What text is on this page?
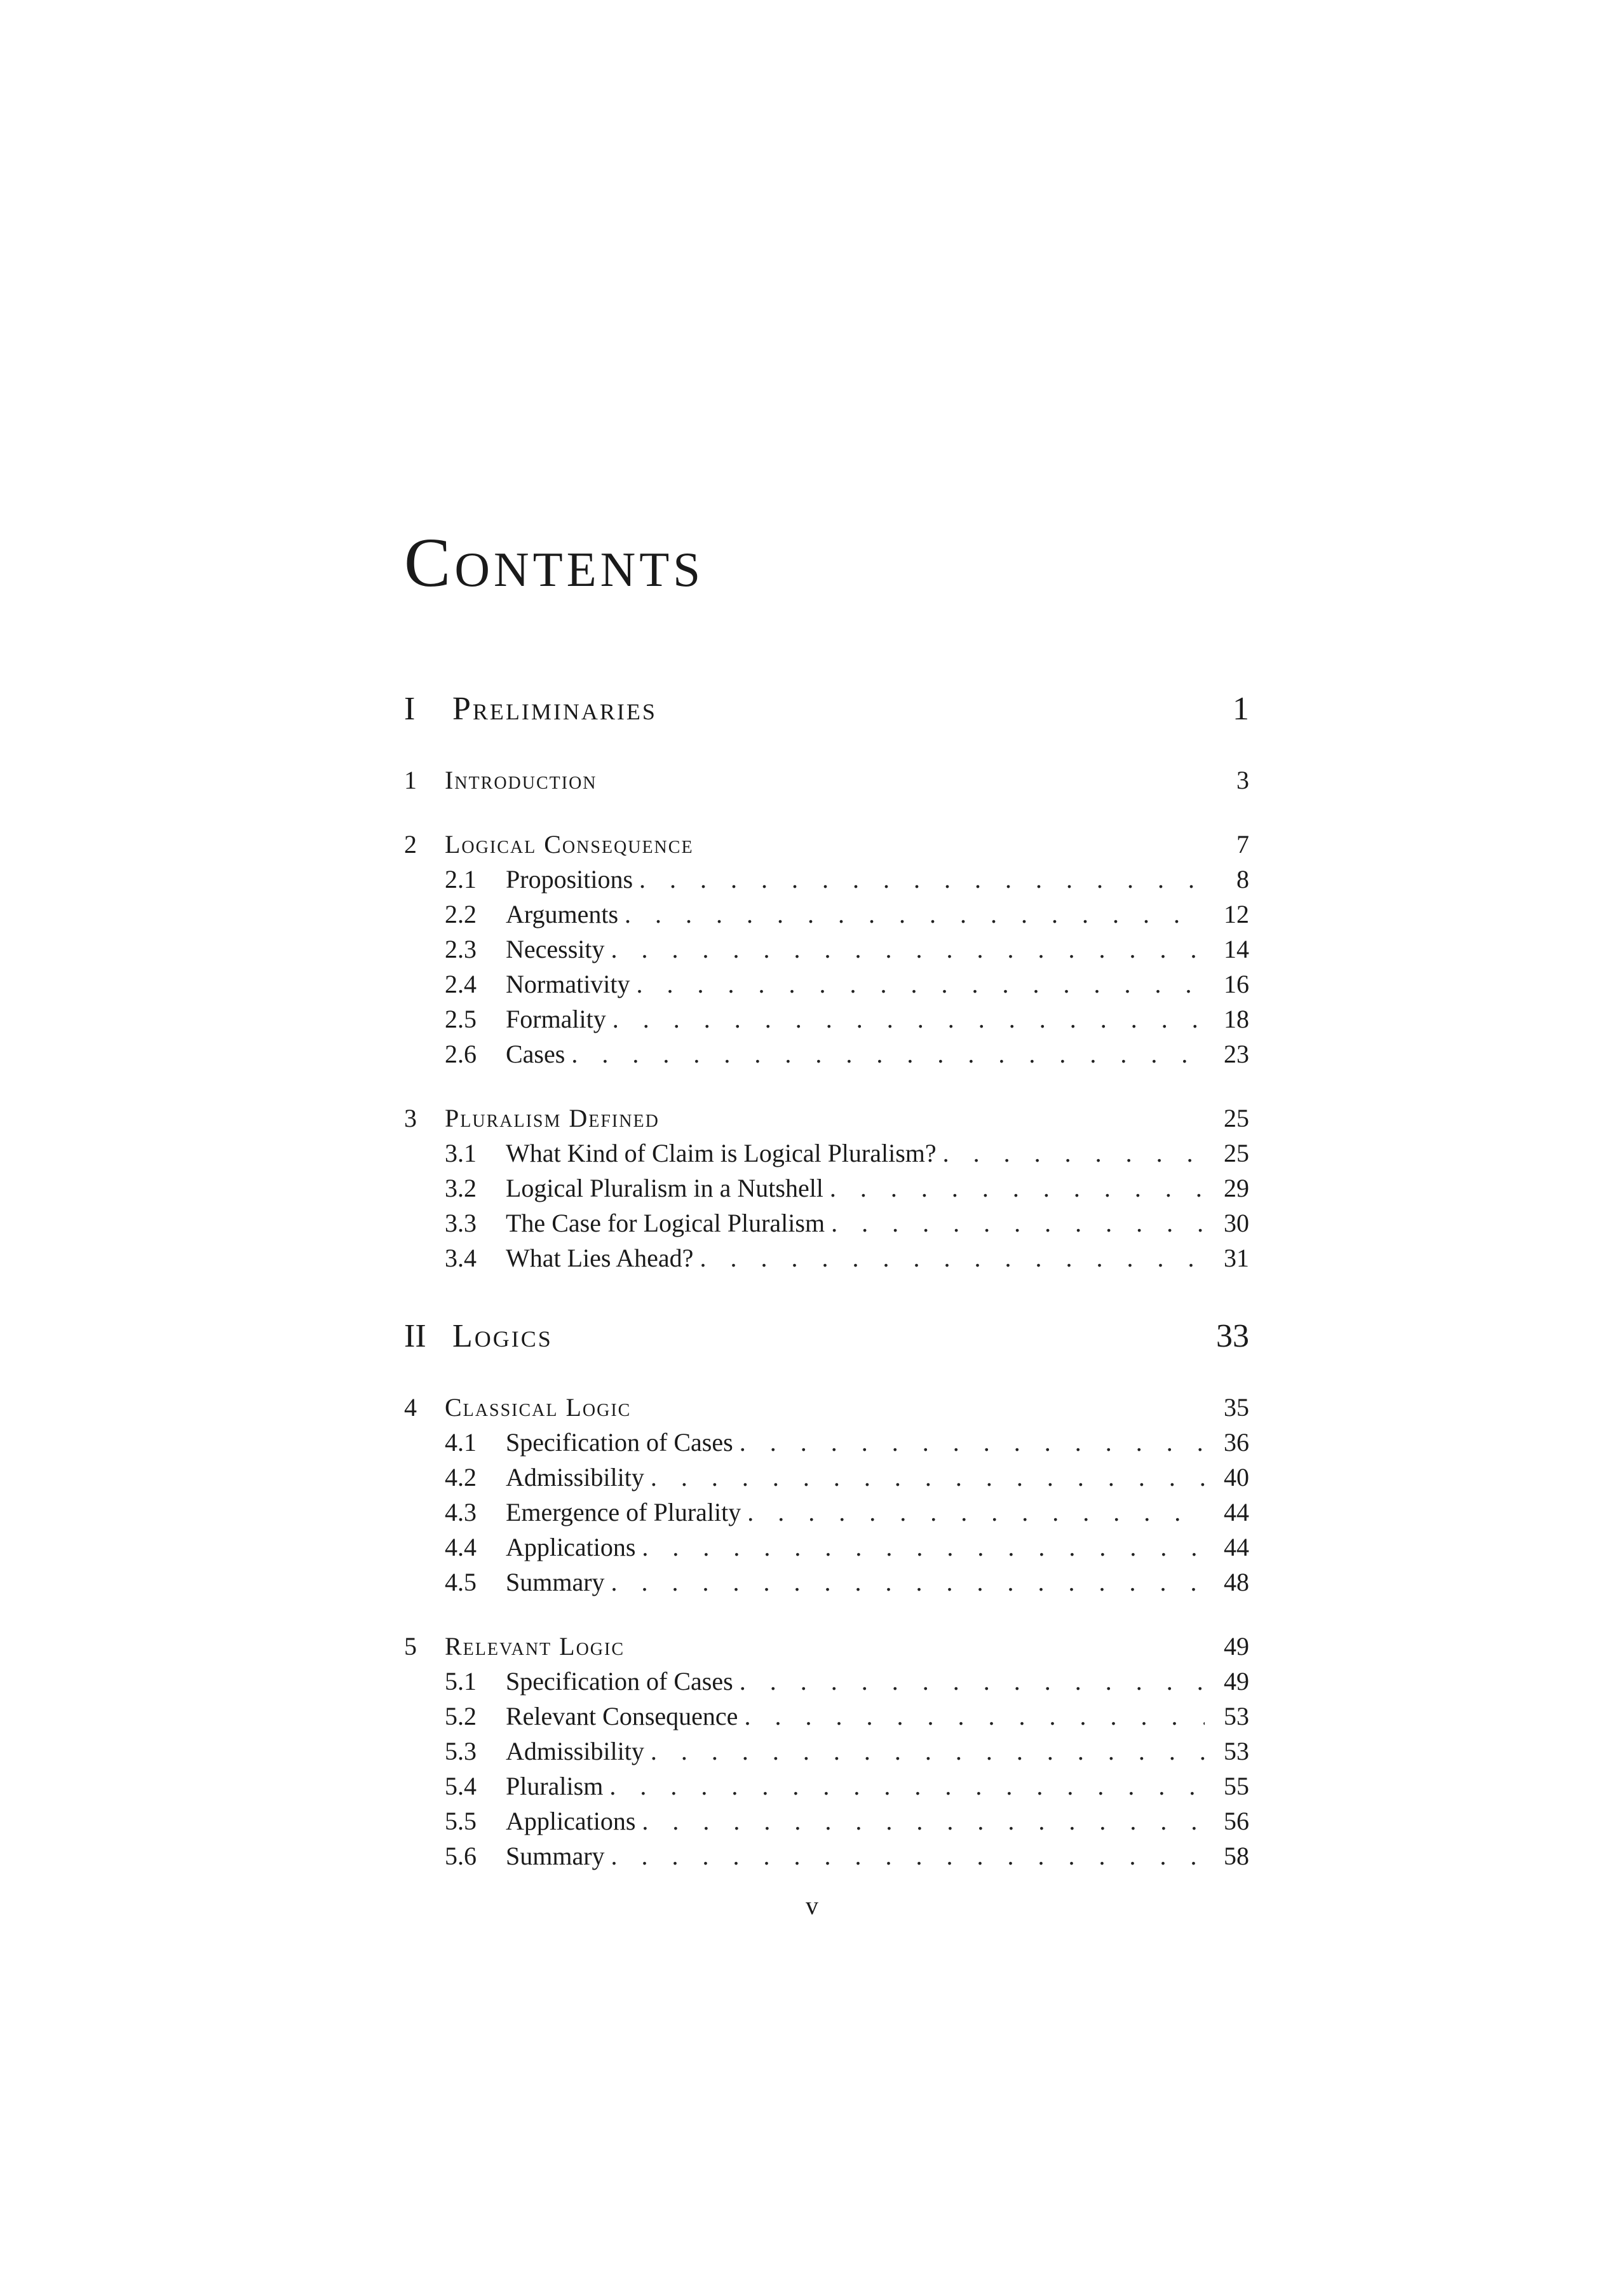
Contents
I	Preliminaries	1
1	Introduction	3
2	Logical Consequence	7
2.1	Propositions . . .	8
2.2	Arguments . . .	12
2.3	Necessity . . .	14
2.4	Normativity . . .	16
2.5	Formality . . .	18
2.6	Cases . . .	23
3	Pluralism Defined	25
3.1	What Kind of Claim is Logical Pluralism? . . .	25
3.2	Logical Pluralism in a Nutshell . . .	29
3.3	The Case for Logical Pluralism . . .	30
3.4	What Lies Ahead? . . .	31
II Logics	33
4	Classical Logic	35
4.1	Specification of Cases . . .	36
4.2	Admissibility . . .	40
4.3	Emergence of Plurality . . .	44
4.4	Applications . . .	44
4.5	Summary . . .	48
5	Relevant Logic	49
5.1	Specification of Cases . . .	49
5.2	Relevant Consequence . . .	53
5.3	Admissibility . . .	53
5.4	Pluralism . . .	55
5.5	Applications . . .	56
5.6	Summary . . .	58
v
